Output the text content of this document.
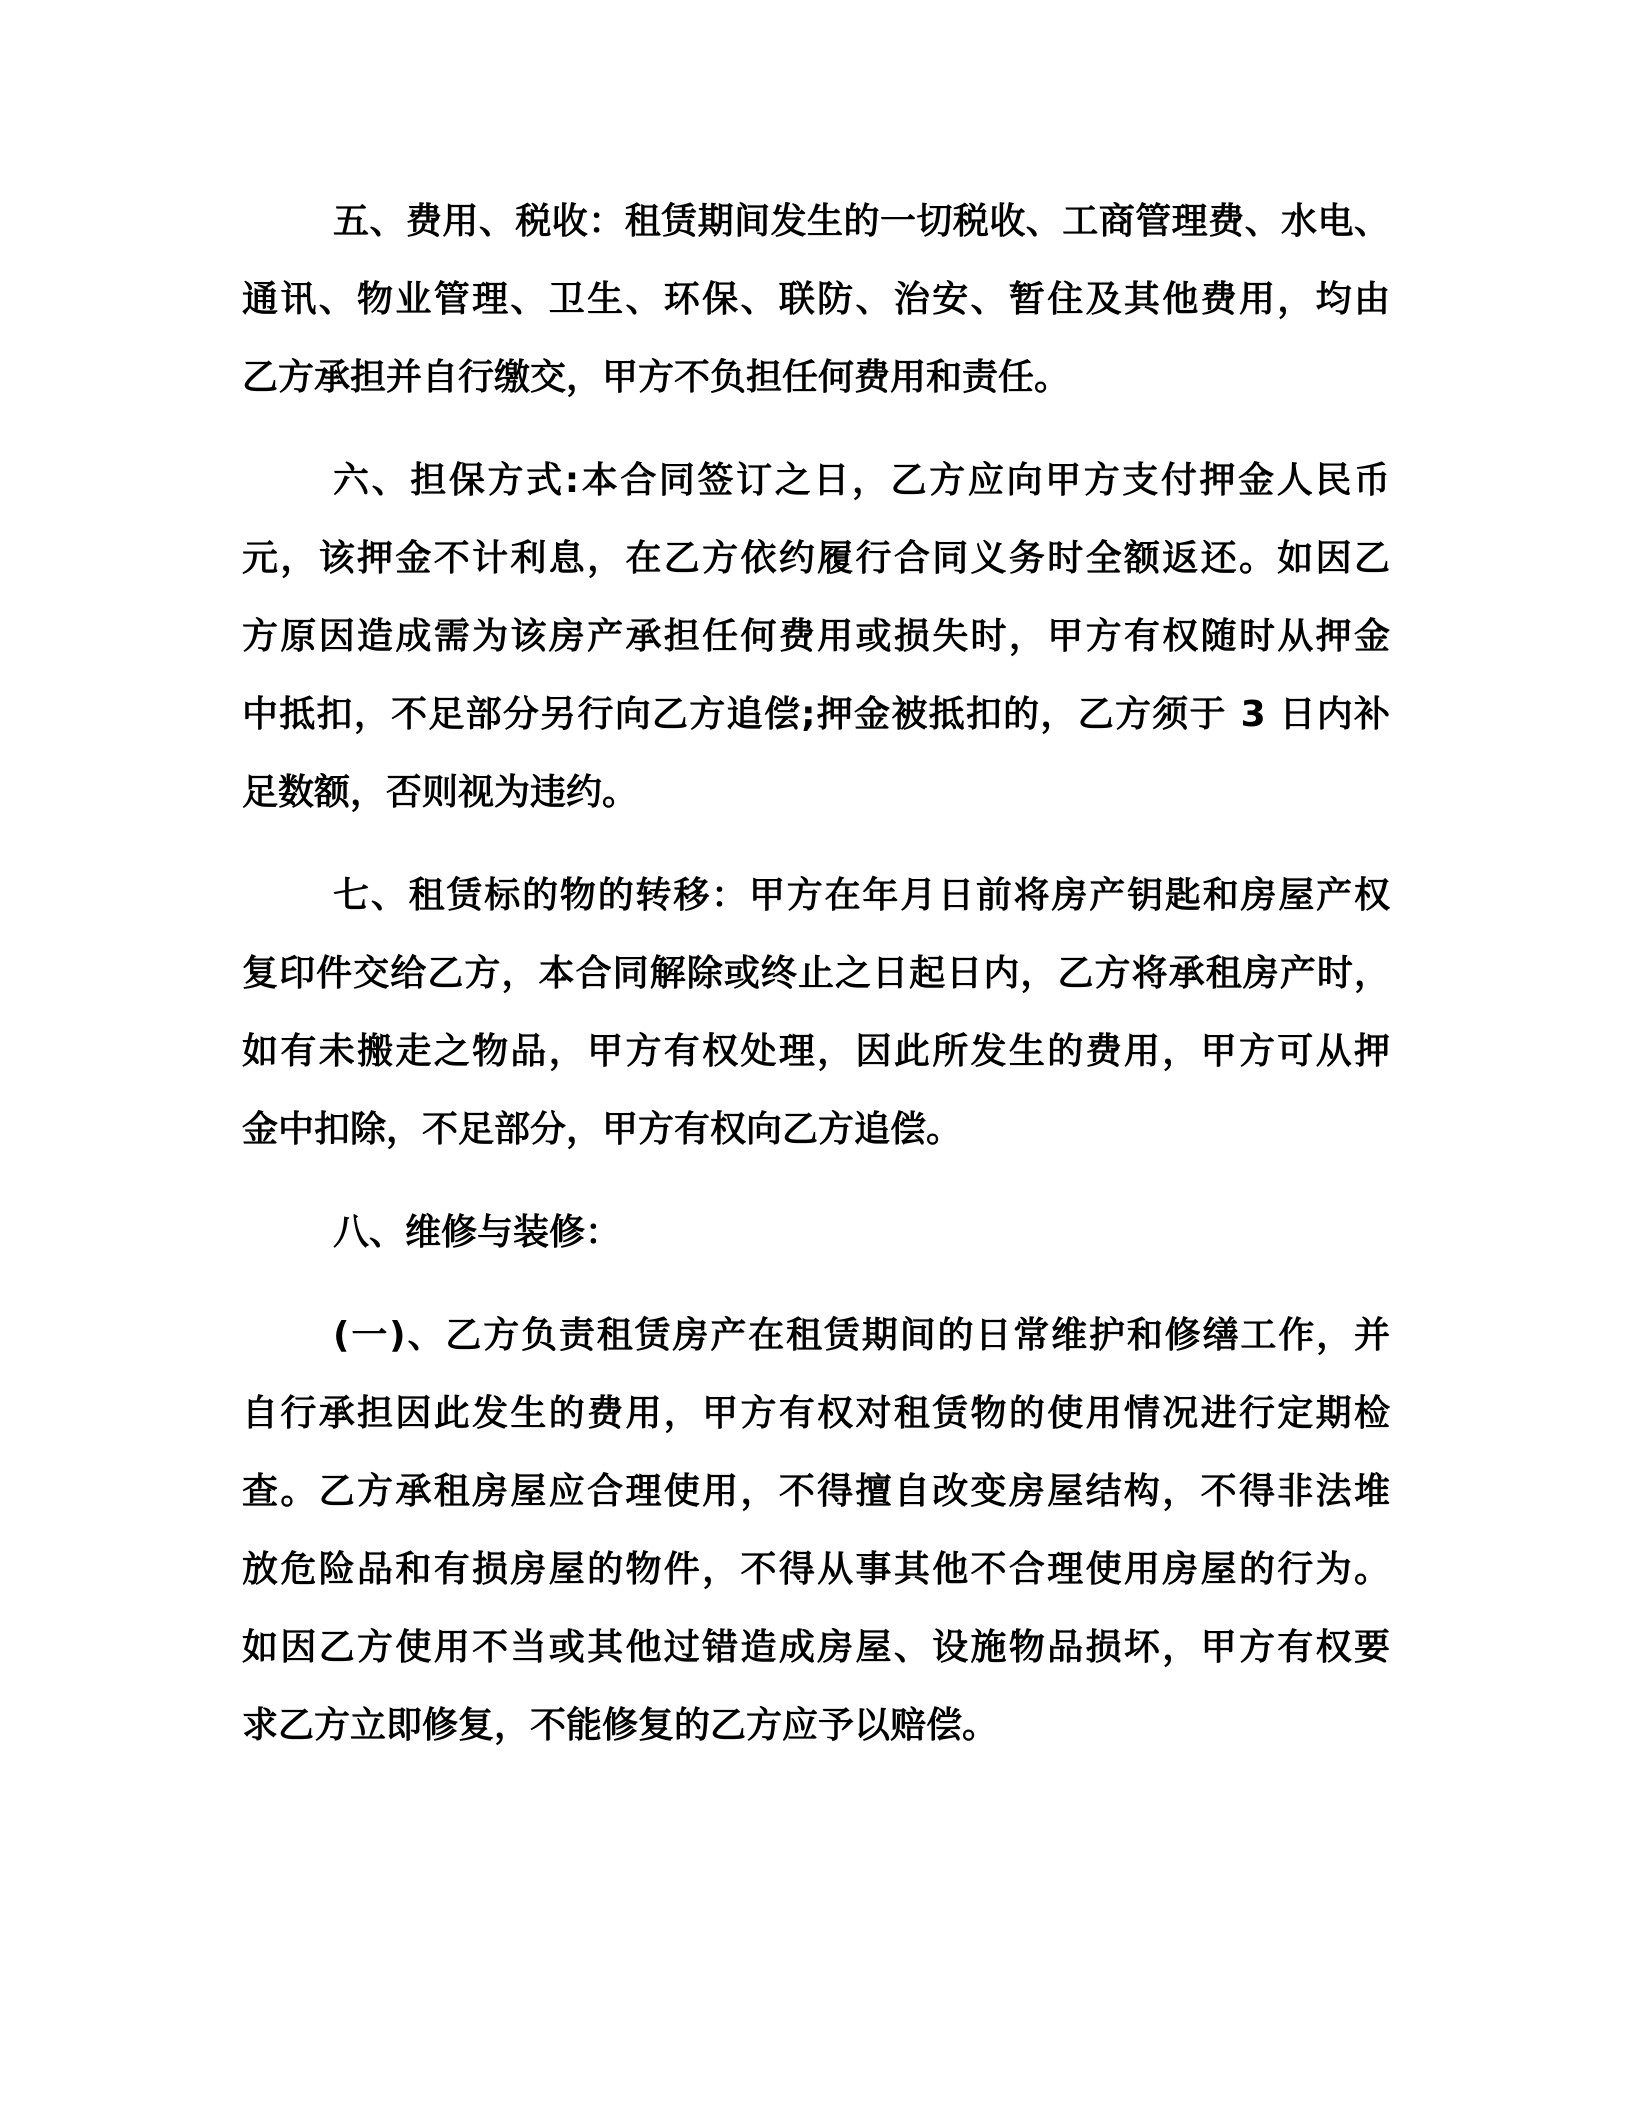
五、费用、税收：租赁期间发生的一切税收、工商管理费、水电、
通讯、物业管理、卫生、环保、联防、治安、暂住及其他费用，均由
乙方承担并自行缴交，甲方不负担任何费用和责任。
六、担保方式:本合同签订之日，乙方应向甲方支付押金人民币
元，该押金不计利息，在乙方依约履行合同义务时全额返还。如因乙
方原因造成需为该房产承担任何费用或损失时，甲方有权随时从押金
中抵扣，不足部分另行向乙方追偿;押金被抵扣的，乙方须于 3 日内补
足数额，否则视为违约。
七、租赁标的物的转移：甲方在年月日前将房产钥匙和房屋产权
复印件交给乙方，本合同解除或终止之日起日内，乙方将承租房产时，
如有未搬走之物品，甲方有权处理，因此所发生的费用，甲方可从押
金中扣除，不足部分，甲方有权向乙方追偿。
八、维修与装修：
(一)、乙方负责租赁房产在租赁期间的日常维护和修缮工作，并
自行承担因此发生的费用，甲方有权对租赁物的使用情况进行定期检
查。乙方承租房屋应合理使用，不得擅自改变房屋结构，不得非法堆
放危险品和有损房屋的物件，不得从事其他不合理使用房屋的行为。
如因乙方使用不当或其他过错造成房屋、设施物品损坏，甲方有权要
求乙方立即修复，不能修复的乙方应予以赔偿。
